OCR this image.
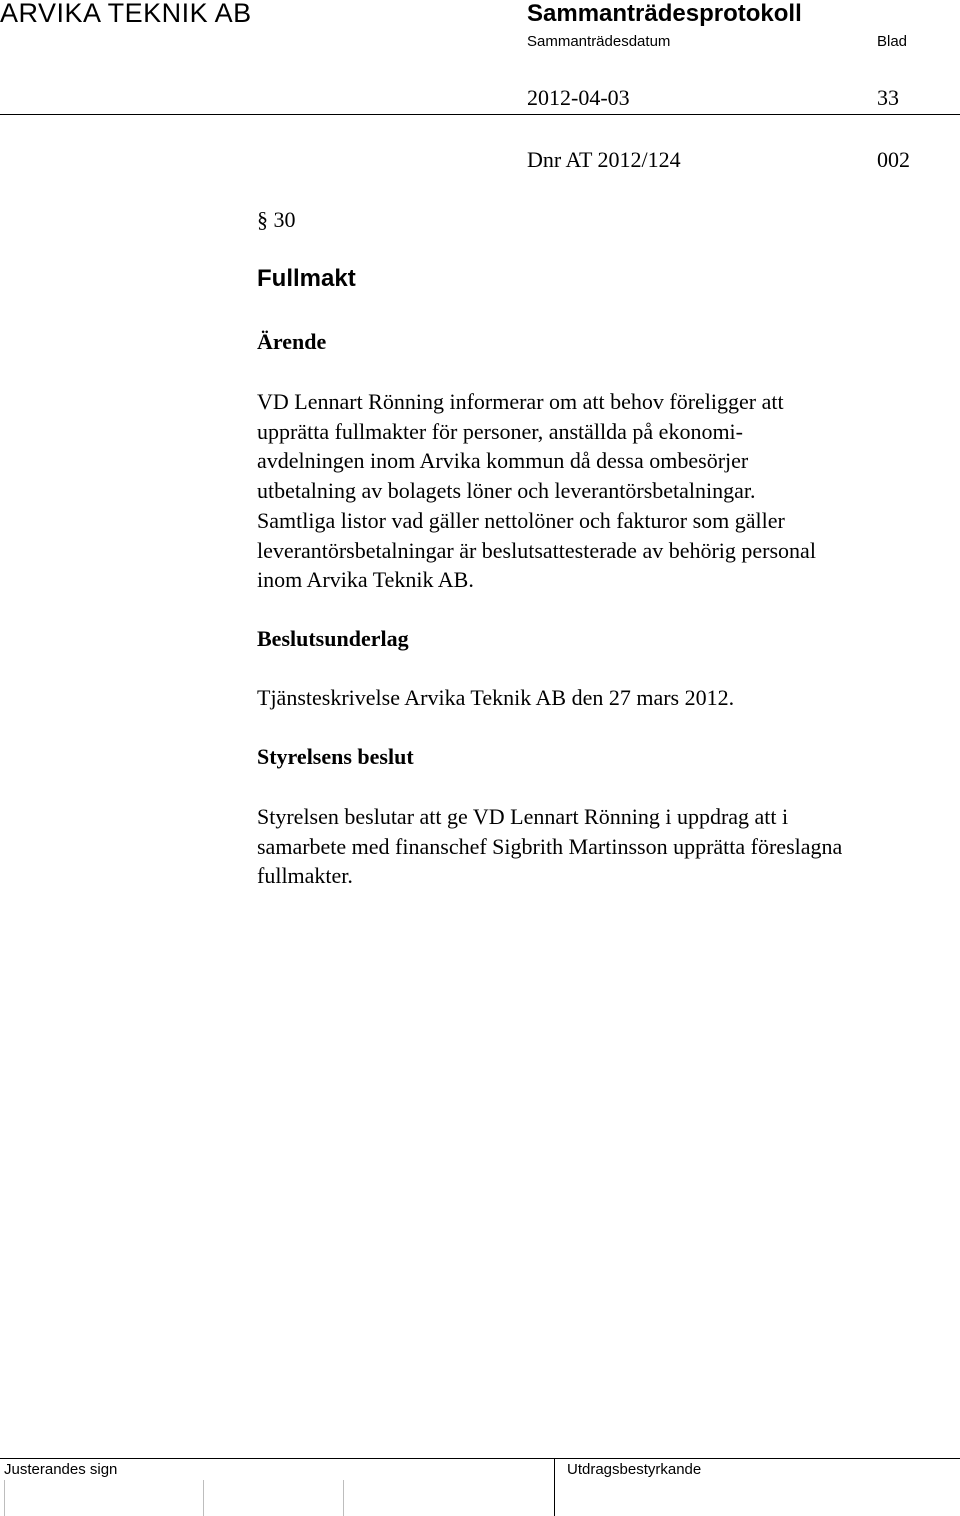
ARVIKA TEKNIK AB	Sammanträdesprotokoll
Sammanträdesdatum	Blad
2012-04-03	33
Dnr AT 2012/124	002
§ 30
Fullmakt
Ärende

VD Lennart Rönning informerar om att behov föreligger att
upprätta fullmakter för personer, anställda på ekonomi-
avdelningen inom Arvika kommun då dessa ombesörjer
utbetalning av bolagets löner och leverantörsbetalningar.
Samtliga listor vad gäller nettolöner och fakturor som gäller
leverantörsbetalningar är beslutsattesterade av behörig personal
inom Arvika Teknik AB.

Beslutsunderlag

Tjänsteskrivelse Arvika Teknik AB den 27 mars 2012.

Styrelsens beslut

Styrelsen beslutar att ge VD Lennart Rönning i uppdrag att i
samarbete med finanschef Sigbrith Martinsson upprätta föreslagna
fullmakter.

Justerandes sign	Utdragsbestyrkande
